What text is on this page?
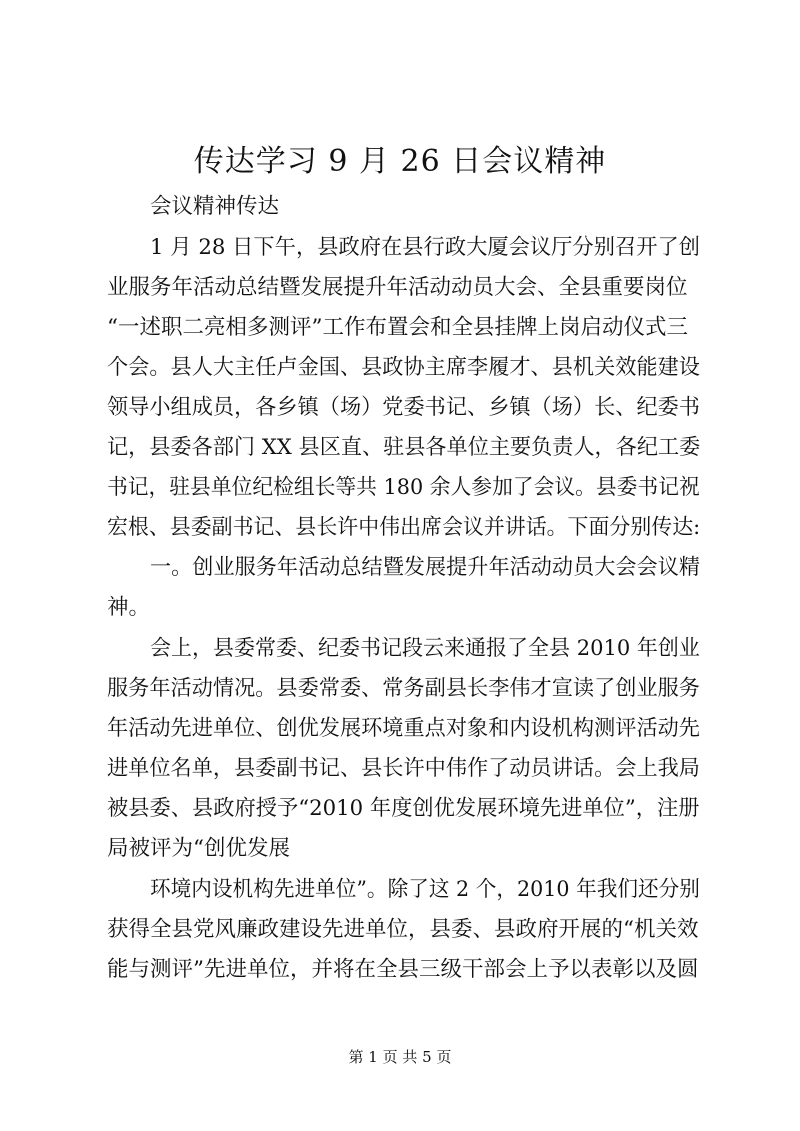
传达学习 9 月 26 日会议精神
会议精神传达
1 月 28 日下午，县政府在县行政大厦会议厅分别召开了创
业服务年活动总结暨发展提升年活动动员大会、全县重要岗位
“一述职二亮相多测评”工作布置会和全县挂牌上岗启动仪式三
个会。县人大主任卢金国、县政协主席李履才、县机关效能建设
领导小组成员，各乡镇（场）党委书记、乡镇（场）长、纪委书
记，县委各部门 XX 县区直、驻县各单位主要负责人，各纪工委
书记，驻县单位纪检组长等共 180 余人参加了会议。县委书记祝
宏根、县委副书记、县长许中伟出席会议并讲话。下面分别传达:
一。创业服务年活动总结暨发展提升年活动动员大会会议精
神。
会上，县委常委、纪委书记段云来通报了全县 2010 年创业
服务年活动情况。县委常委、常务副县长李伟才宣读了创业服务
年活动先进单位、创优发展环境重点对象和内设机构测评活动先
进单位名单，县委副书记、县长许中伟作了动员讲话。会上我局
被县委、县政府授予“2010 年度创优发展环境先进单位”，注册
局被评为“创优发展
环境内设机构先进单位”。除了这 2 个，2010 年我们还分别
获得全县党风廉政建设先进单位，县委、县政府开展的“机关效
能与测评”先进单位，并将在全县三级干部会上予以表彰以及圆
第 1 页 共 5 页
